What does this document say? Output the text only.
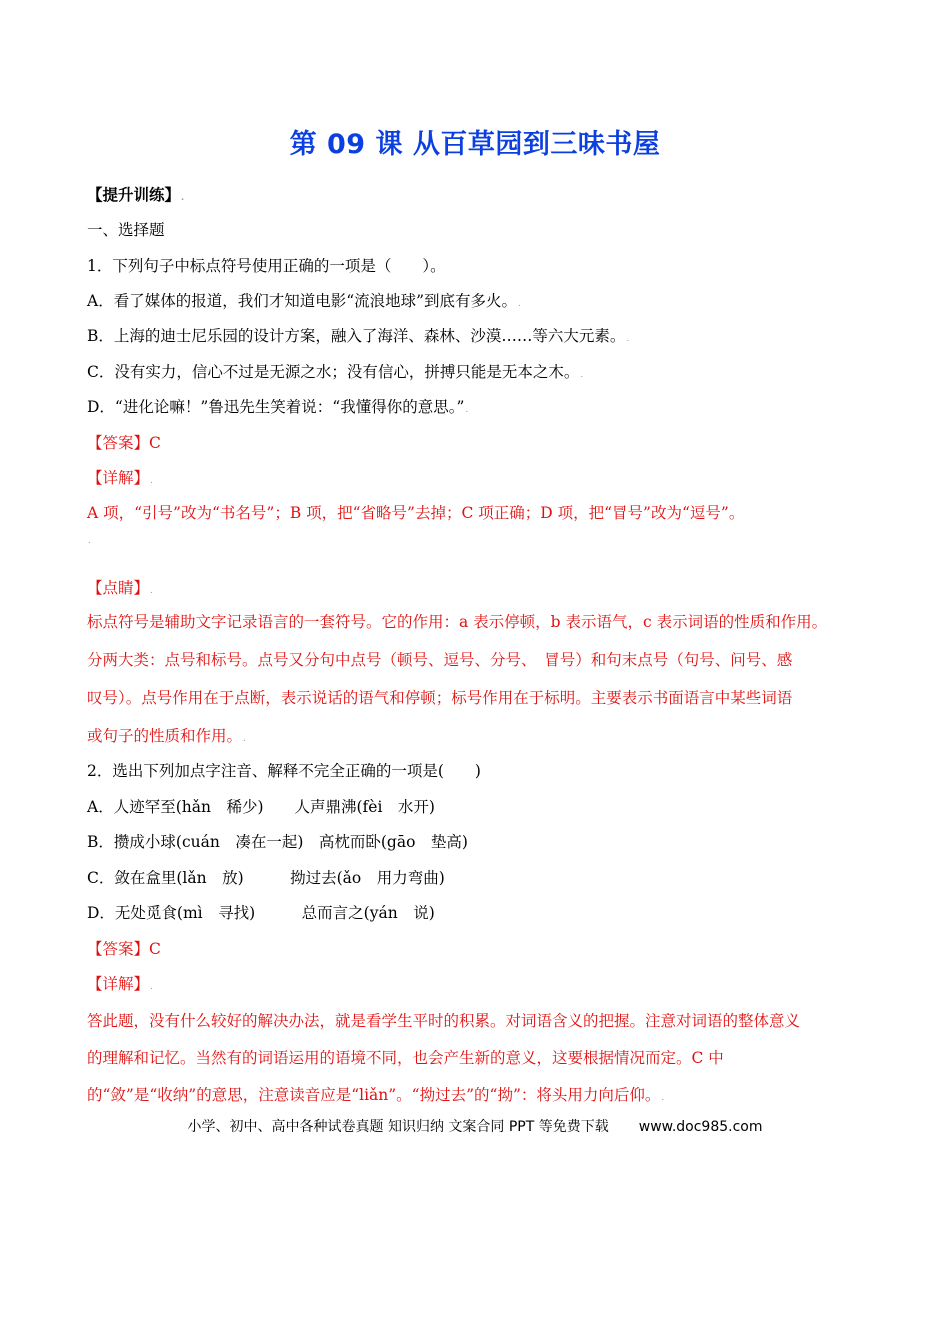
第 09 课 从百草园到三味书屋
【提升训练】.
一、选择题
1．下列句子中标点符号使用正确的一项是（　　）。
A．看了媒体的报道，我们才知道电影“流浪地球”到底有多火。.
B．上海的迪士尼乐园的设计方案，融入了海洋、森林、沙漠……等六大元素。.
C．没有实力，信心不过是无源之水；没有信心，拼搏只能是无本之木。.
D．“进化论嘛！”鲁迅先生笑着说：“我懂得你的意思。”.
【答案】C
【详解】.
A 项，“引号”改为“书名号”；B 项，把“省略号”去掉；C 项正确；D 项，把“冒号”改为“逗号”。
.
【点睛】.
标点符号是辅助文字记录语言的一套符号。它的作用：a 表示停顿，b 表示语气，c 表示词语的性质和作用。
分两大类：点号和标号。点号又分句中点号（顿号、逗号、分号、　冒号）和句末点号（句号、问号、感
叹号）。点号作用在于点断，表示说话的语气和停顿；标号作用在于标明。主要表示书面语言中某些词语
或句子的性质和作用。.
2．选出下列加点字注音、解释不完全正确的一项是(　　)
A．人迹罕至(hǎn　稀少)　　人声鼎沸(fèi　水开)
B．攒成小球(cuán　凑在一起)　高枕而卧(gāo　垫高)
C．敛在盒里(lǎn　放)　　　拗过去(ǎo　用力弯曲)
D．无处觅食(mì　寻找)　　　总而言之(yán　说)
【答案】C
【详解】.
答此题，没有什么较好的解决办法，就是看学生平时的积累。对词语含义的把握。注意对词语的整体意义
的理解和记忆。当然有的词语运用的语境不同，也会产生新的意义，这要根据情况而定。C 中
的“敛”是“收纳”的意思，注意读音应是“liǎn”。“拗过去”的“拗”：将头用力向后仰。.
小学、初中、高中各种试卷真题 知识归纳 文案合同 PPT 等免费下载 www.doc985.com
